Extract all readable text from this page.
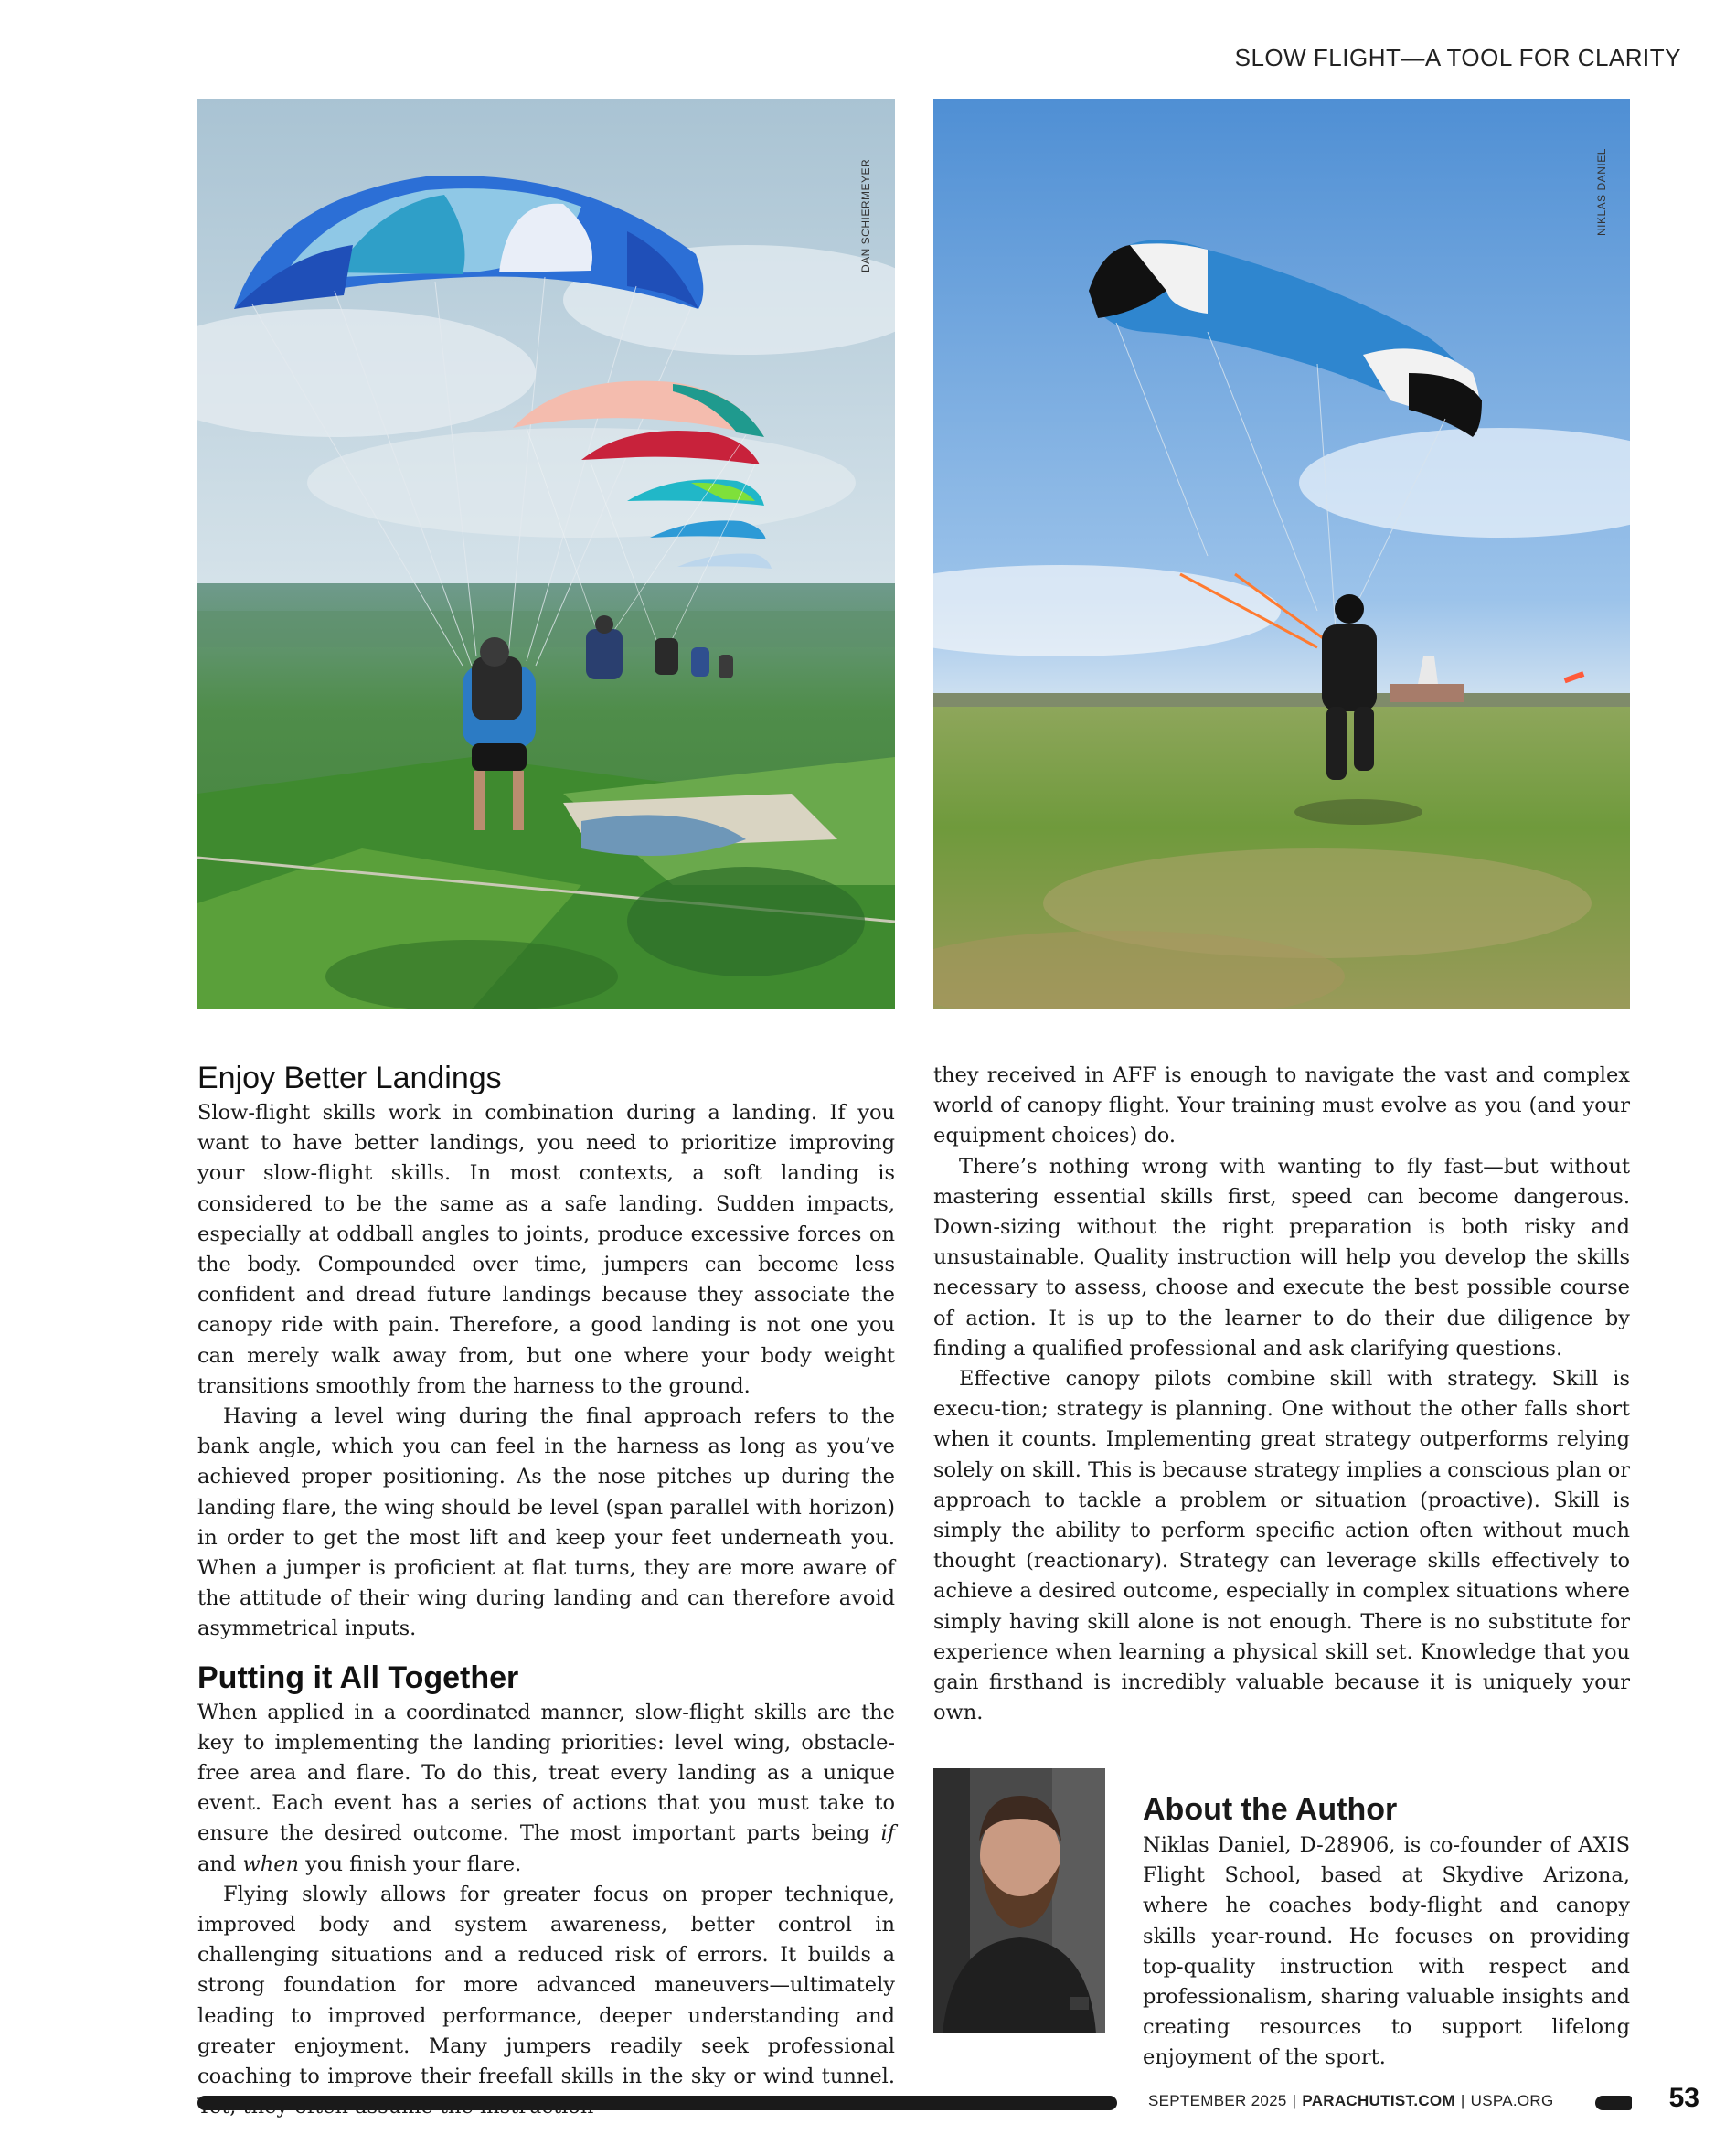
SLOW FLIGHT—A TOOL FOR CLARITY
DAN SCHIERMEYER	NIKLAS DANIEL
Enjoy Better Landings

Slow-flight skills work in combination during a landing. If you want to have better landings, you need to prioritize improving your slow-flight skills. In most contexts, a soft landing is considered to be the same as a safe landing. Sudden impacts, especially at oddball angles to joints, produce excessive forces on the body. Compounded over time, jumpers can become less confident and dread future landings because they associate the canopy ride with pain. Therefore, a good landing is not one you can merely walk away from, but one where your body weight transitions smoothly from the harness to the ground.

Having a level wing during the final approach refers to the bank angle, which you can feel in the harness as long as you’ve achieved proper positioning. As the nose pitches up during the landing flare, the wing should be level (span parallel with horizon) in order to get the most lift and keep your feet underneath you. When a jumper is proficient at flat turns, they are more aware of the attitude of their wing during landing and can therefore avoid asymmetrical inputs.

Putting it All Together

When applied in a coordinated manner, slow-flight skills are the key to implementing the landing priorities: level wing, obstacle-free area and flare. To do this, treat every landing as a unique event. Each event has a series of actions that you must take to ensure the desired outcome. The most important parts being if and when you finish your flare.

Flying slowly allows for greater focus on proper technique, improved body and system awareness, better control in challenging situations and a reduced risk of errors. It builds a strong foundation for more advanced maneuvers—ultimately leading to improved performance, deeper understanding and greater enjoyment. Many jumpers readily seek professional coaching to improve their freefall skills in the sky or wind tunnel.

they received in AFF is enough to navigate the vast and complex world of canopy flight. Your training must evolve as you (and your equipment choices) do.

There’s nothing wrong with wanting to fly fast—but without mastering essential skills first, speed can become dangerous. Down-sizing without the right preparation is both risky and unsustainable. Quality instruction will help you develop the skills necessary to assess, choose and execute the best possible course of action. It is up to the learner to do their due diligence by finding a qualified professional and ask clarifying questions.

Effective canopy pilots combine skill with strategy. Skill is execu-tion; strategy is planning. One without the other falls short when it counts. Implementing great strategy outperforms relying solely on skill. This is because strategy implies a conscious plan or approach to tackle a problem or situation (proactive). Skill is simply the ability to perform specific action often without much thought (reactionary). Strategy can leverage skills effectively to achieve a desired outcome, especially in complex situations where simply having skill alone is not enough. There is no substitute for experience when learning a physical skill set. Knowledge that you gain firsthand is incredibly valuable because it is uniquely your own.

About the Author

Niklas Daniel, D-28906, is co-founder of AXIS Flight School, based at Skydive Arizona, where he coaches body-flight and canopy skills year-round. He focuses on providing top-quality instruction with respect and professionalism, sharing valuable insights and creating resources to support lifelong enjoyment of the sport.

SEPTEMBER 2025 | PARACHUTIST.COM | USPA.ORG	53
